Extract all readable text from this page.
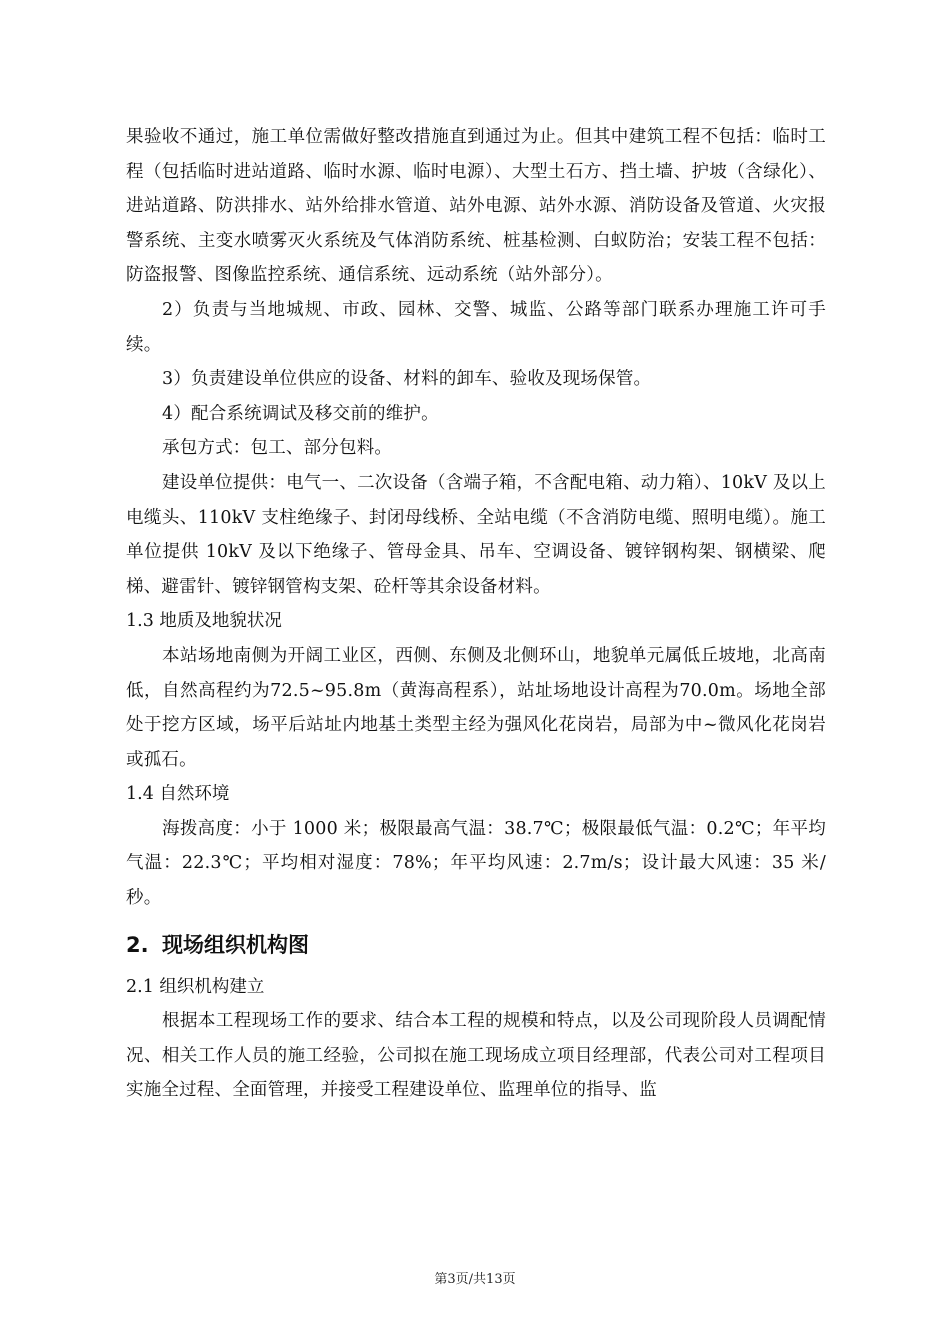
果验收不通过，施工单位需做好整改措施直到通过为止。但其中建筑工程不包括：临时工程（包括临时进站道路、临时水源、临时电源）、大型土石方、挡土墙、护坡（含绿化）、进站道路、防洪排水、站外给排水管道、站外电源、站外水源、消防设备及管道、火灾报警系统、主变水喷雾灭火系统及气体消防系统、桩基检测、白蚁防治；安装工程不包括：防盗报警、图像监控系统、通信系统、远动系统（站外部分）。

2）负责与当地城规、市政、园林、交警、城监、公路等部门联系办理施工许可手续。

3）负责建设单位供应的设备、材料的卸车、验收及现场保管。

4）配合系统调试及移交前的维护。

承包方式：包工、部分包料。

建设单位提供：电气一、二次设备（含端子箱，不含配电箱、动力箱）、10kV 及以上电缆头、110kV 支柱绝缘子、封闭母线桥、全站电缆（不含消防电缆、照明电缆）。施工单位提供 10kV 及以下绝缘子、管母金具、吊车、空调设备、镀锌钢构架、钢横梁、爬梯、避雷针、镀锌钢管构支架、砼杆等其余设备材料。

1.3 地质及地貌状况

本站场地南侧为开阔工业区，西侧、东侧及北侧环山，地貌单元属低丘坡地，北高南低，自然高程约为72.5~95.8m（黄海高程系），站址场地设计高程为70.0m。场地全部处于挖方区域，场平后站址内地基土类型主经为强风化花岗岩，局部为中~微风化花岗岩或孤石。

1.4 自然环境

海拨高度：小于 1000 米；极限最高气温：38.7℃；极限最低气温：0.2℃；年平均气温：22.3℃；平均相对湿度：78%；年平均风速：2.7m/s；设计最大风速：35 米/秒。

2. 现场组织机构图

2.1 组织机构建立

根据本工程现场工作的要求、结合本工程的规模和特点，以及公司现阶段人员调配情况、相关工作人员的施工经验，公司拟在施工现场成立项目经理部，代表公司对工程项目实施全过程、全面管理，并接受工程建设单位、监理单位的指导、监

第3页/共13页
